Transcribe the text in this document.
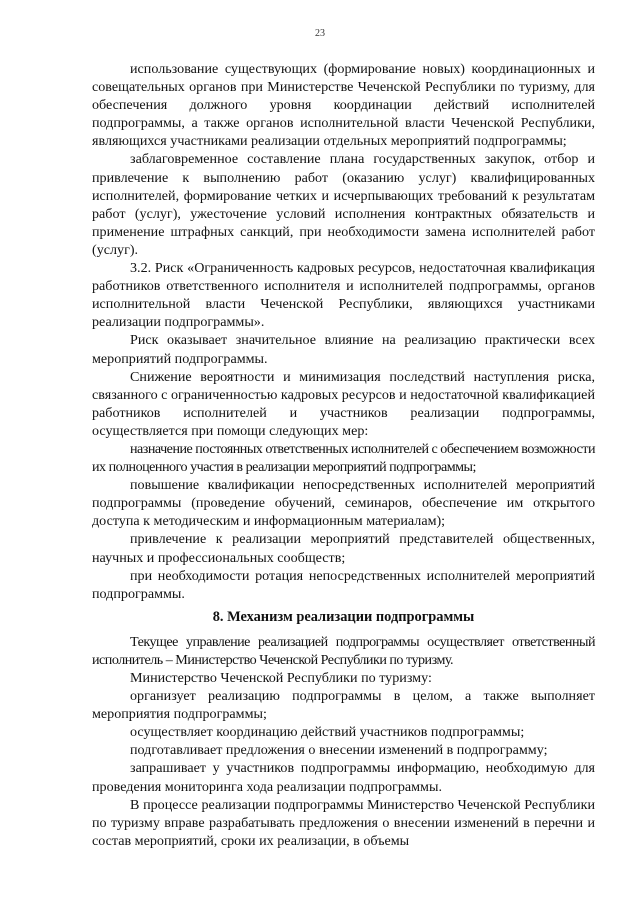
23

использование существующих (формирование новых) координационных и совещательных органов при Министерстве Чеченской Республики по туризму, для обеспечения должного уровня координации действий исполнителей подпрограммы, а также органов исполнительной власти Чеченской Республики, являющихся участниками реализации отдельных мероприятий подпрограммы;

заблаговременное составление плана государственных закупок, отбор и привлечение к выполнению работ (оказанию услуг) квалифицированных исполнителей, формирование четких и исчерпывающих требований к результатам работ (услуг), ужесточение условий исполнения контрактных обязательств и применение штрафных санкций, при необходимости замена исполнителей работ (услуг).

3.2. Риск «Ограниченность кадровых ресурсов, недостаточная квалификация работников ответственного исполнителя и исполнителей подпрограммы, органов исполнительной власти Чеченской Республики, являющихся участниками реализации подпрограммы».

Риск оказывает значительное влияние на реализацию практически всех мероприятий подпрограммы.

Снижение вероятности и минимизация последствий наступления риска, связанного с ограниченностью кадровых ресурсов и недостаточной квалификацией работников исполнителей и участников реализации подпрограммы, осуществляется при помощи следующих мер:

назначение постоянных ответственных исполнителей с обеспечением возможности их полноценного участия в реализации мероприятий подпрограммы;

повышение квалификации непосредственных исполнителей мероприятий подпрограммы (проведение обучений, семинаров, обеспечение им открытого доступа к методическим и информационным материалам);

привлечение к реализации мероприятий представителей общественных, научных и профессиональных сообществ;

при необходимости ротация непосредственных исполнителей мероприятий подпрограммы.

8. Механизм реализации подпрограммы

Текущее управление реализацией подпрограммы осуществляет ответственный исполнитель – Министерство Чеченской Республики по туризму.

Министерство Чеченской Республики по туризму:

организует реализацию подпрограммы в целом, а также выполняет мероприятия подпрограммы;

осуществляет координацию действий участников подпрограммы;

подготавливает предложения о внесении изменений в подпрограмму;

запрашивает у участников подпрограммы информацию, необходимую для проведения мониторинга хода реализации подпрограммы.

В процессе реализации подпрограммы Министерство Чеченской Республики по туризму вправе разрабатывать предложения о внесении изменений в перечни и состав мероприятий, сроки их реализации, в объемы
